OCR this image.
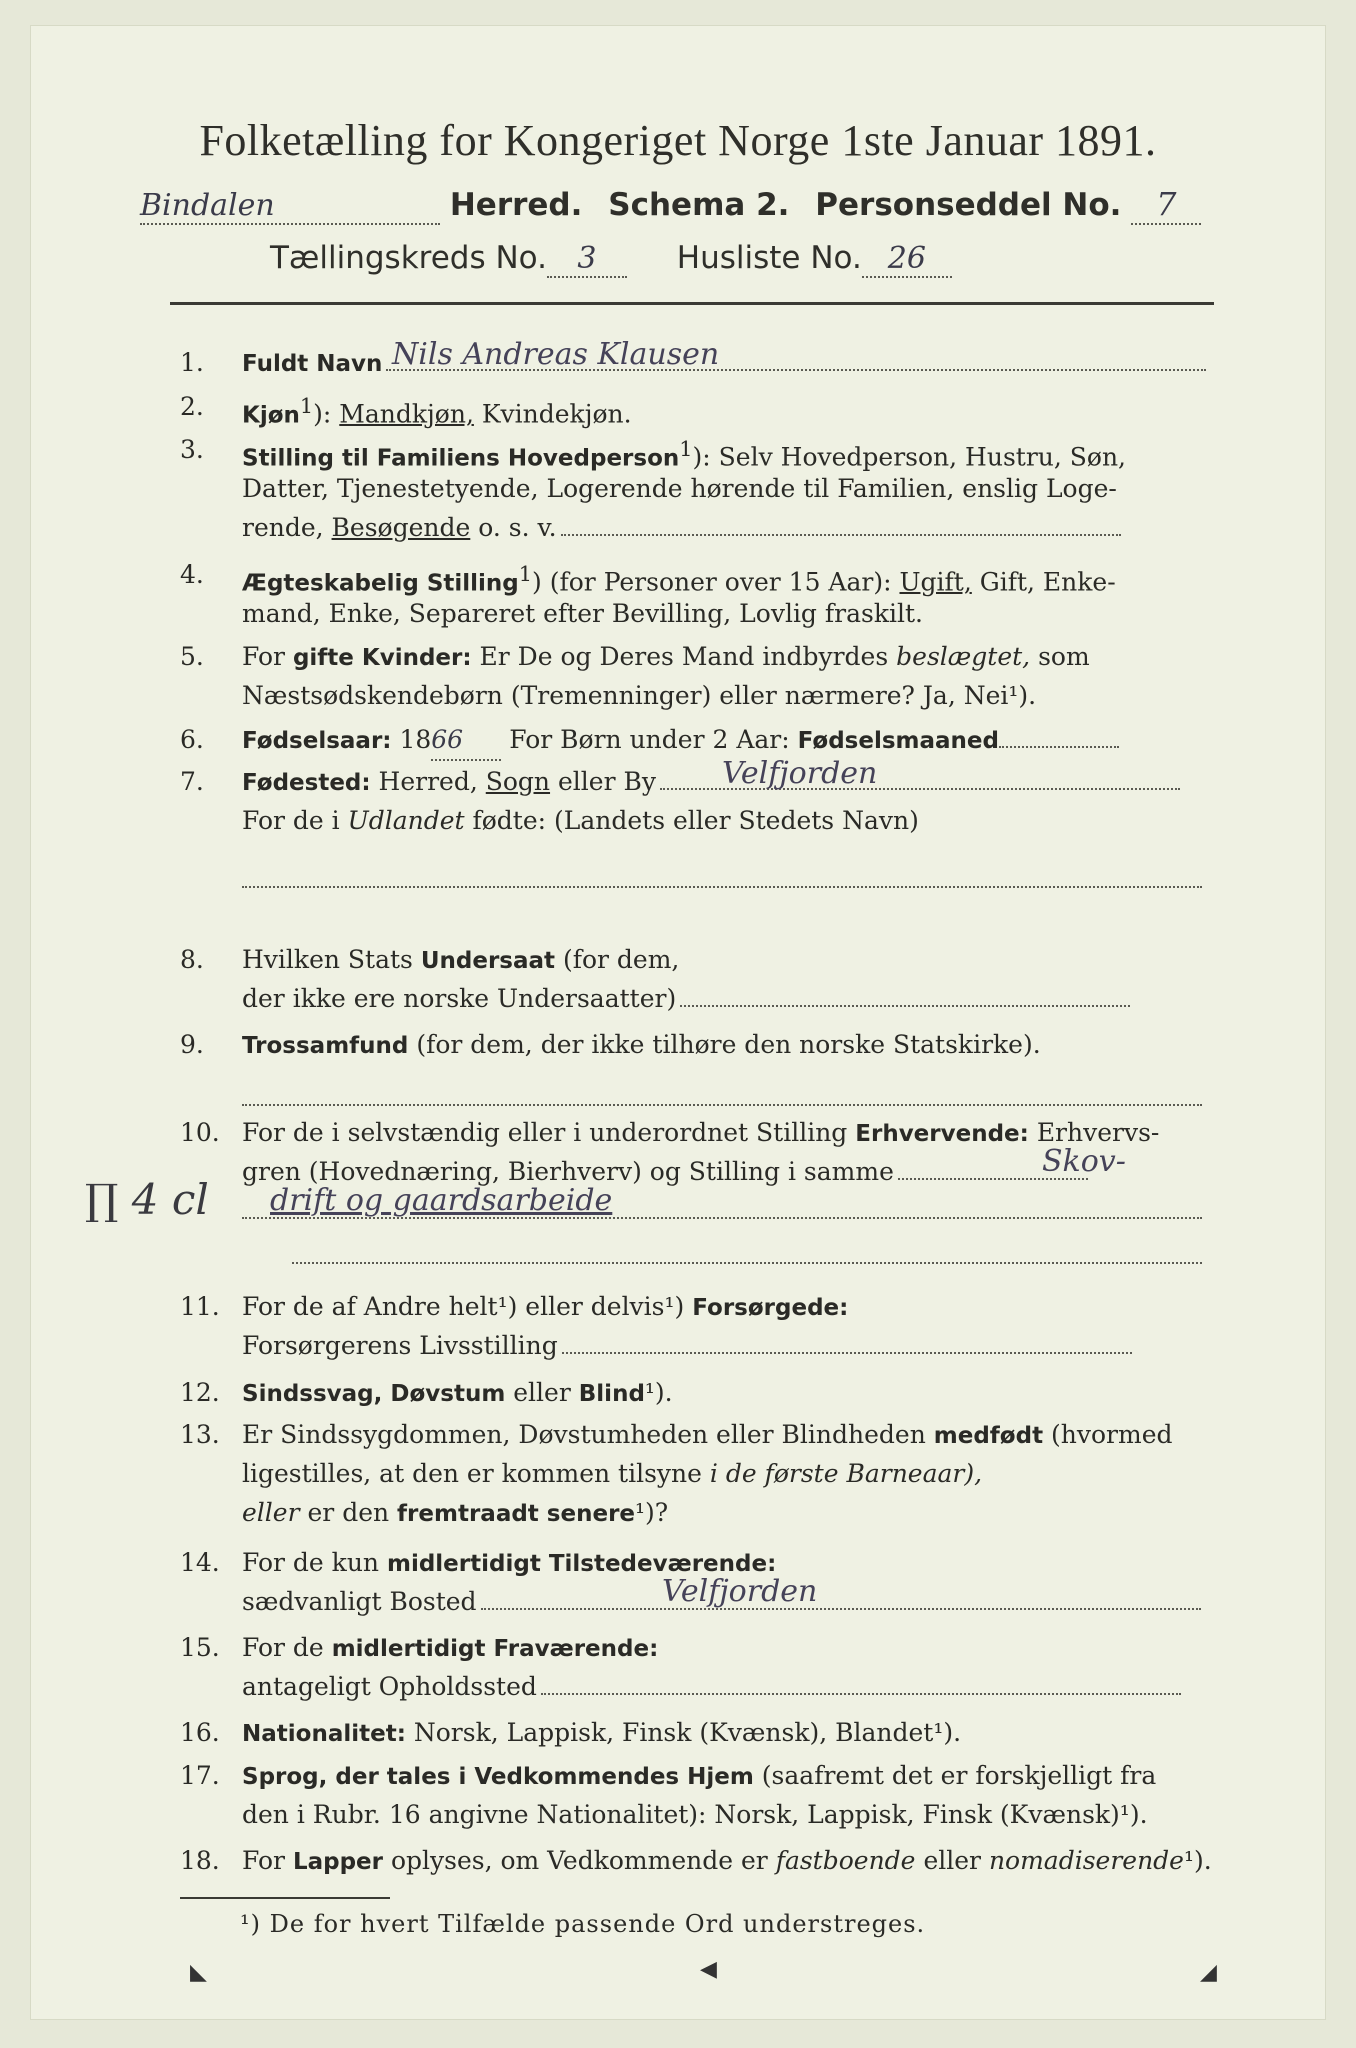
Folketælling for Kongeriget Norge 1ste Januar 1891.
Bindalen	Herred. Schema 2. Personseddel No. 7
Tællingskreds No. 3	Husliste No. 26
1.	Fuldt Navn Nils Andreas Klausen
2.	Kjøn$^1$): Mandkjøn, Kvindekjøn.
3.	Stilling til Familiens Hovedperson$^1$): Selv Hovedperson, Hustru, Søn,
Datter, Tjenestetyende, Logerende hørende til Familien, enslig Loge-
rende, Besøgende o. s. v.
4.	Ægteskabelig Stilling$^1$) (for Personer over 15 Aar): Ugift, Gift, Enke-
mand, Enke, Separeret efter Bevilling, Lovlig fraskilt.
5.	For gifte Kvinder: Er De og Deres Mand indbyrdes beslægtet, som
Næstsødskendebørn (Tremenninger) eller nærmere? Ja, Nei¹).
6.	Fødselsaar: 1866 For Børn under 2 Aar: Fødselsmaaned
7.	Fødested: Herred, Sogn eller By Velfjorden
For de i Udlandet fødte: (Landets eller Stedets Navn)
8.	Hvilken Stats Undersaat (for dem,
der ikke ere norske Undersaatter)
9.	Trossamfund (for dem, der ikke tilhøre den norske Statskirke).
10. For de i selvstændig eller i underordnet Stilling Erhvervende: Erhvervs-
gren (Hovednæring, Bierhverv) og Stilling i samme	Skov-
drift og gaardsarbeide
∏ 4 cl
11. For de af Andre helt¹) eller delvis¹) Forsørgede:
Forsørgerens Livsstilling
12. Sindssvag, Døvstum eller Blind¹).
13. Er Sindssygdommen, Døvstumheden eller Blindheden medfødt (hvormed
ligestilles, at den er kommen tilsyne i de første Barneaar),
eller er den fremtraadt senere¹)?
14. For de kun midlertidigt Tilstedeværende:
sædvanligt Bosted	Velfjorden
15. For de midlertidigt Fraværende:
antageligt Opholdssted
16. Nationalitet: Norsk, Lappisk, Finsk (Kvænsk), Blandet¹).
17. Sprog, der tales i Vedkommendes Hjem (saafremt det er forskjelligt fra
den i Rubr. 16 angivne Nationalitet): Norsk, Lappisk, Finsk (Kvænsk)¹).
18. For Lapper oplyses, om Vedkommende er fastboende eller nomadiserende¹).
¹) De for hvert Tilfælde passende Ord understreges.
◣	◀	◢
